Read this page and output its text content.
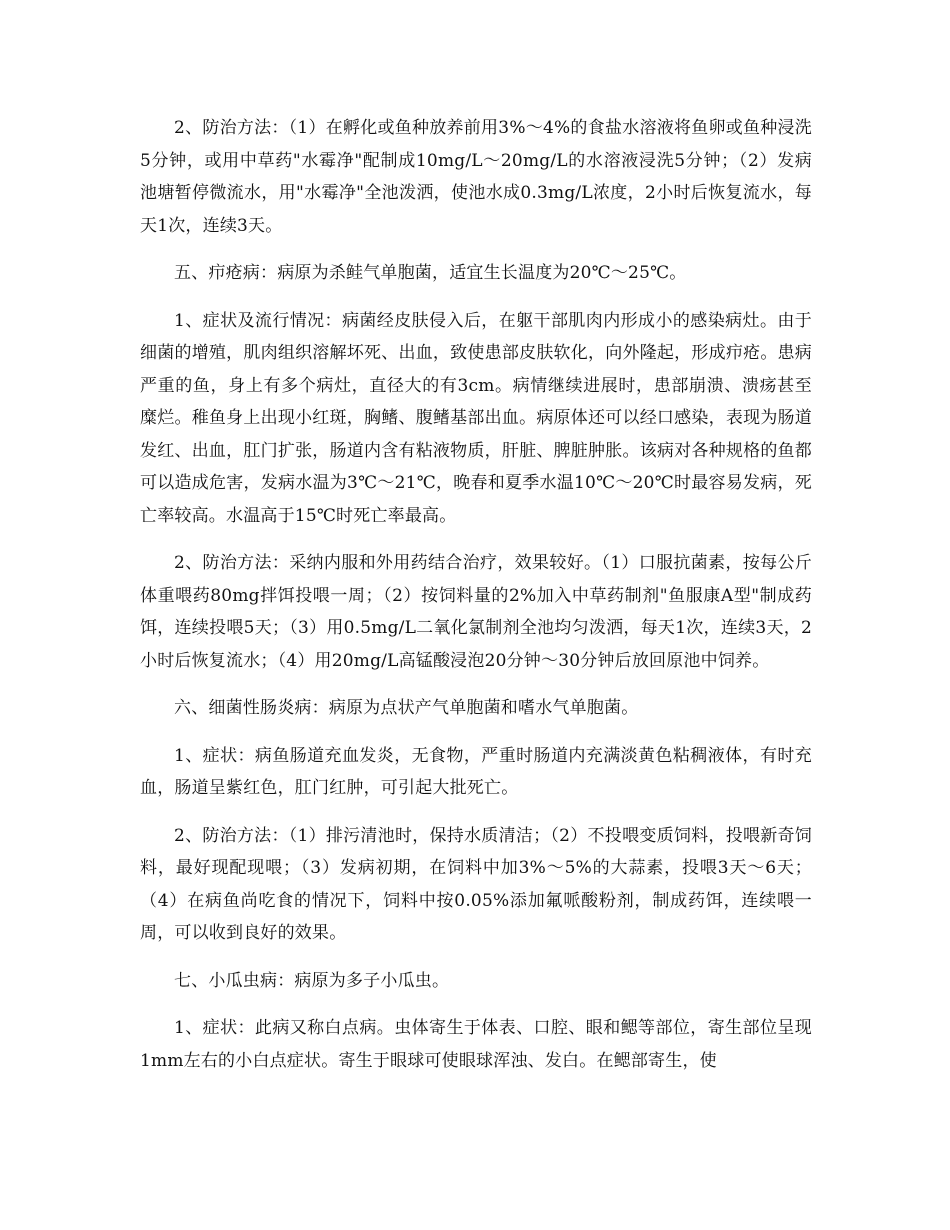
2、防治方法：（1）在孵化或鱼种放养前用3%～4%的食盐水溶液将鱼卵或鱼种浸洗5分钟，或用中草药"水霉净"配制成10mg/L～20mg/L的水溶液浸洗5分钟；（2）发病池塘暂停微流水，用"水霉净"全池泼洒，使池水成0.3mg/L浓度，2小时后恢复流水，每天1次，连续3天。

五、疖疮病：病原为杀鲑气单胞菌，适宜生长温度为20℃～25℃。

1、症状及流行情况：病菌经皮肤侵入后，在躯干部肌肉内形成小的感染病灶。由于细菌的增殖，肌肉组织溶解坏死、出血，致使患部皮肤软化，向外隆起，形成疖疮。患病严重的鱼，身上有多个病灶，直径大的有3cm。病情继续进展时，患部崩溃、溃疡甚至糜烂。稚鱼身上出现小红斑，胸鳍、腹鳍基部出血。病原体还可以经口感染，表现为肠道发红、出血，肛门扩张，肠道内含有粘液物质，肝脏、脾脏肿胀。该病对各种规格的鱼都可以造成危害，发病水温为3℃～21℃，晚春和夏季水温10℃～20℃时最容易发病，死亡率较高。水温高于15℃时死亡率最高。

2、防治方法：采纳内服和外用药结合治疗，效果较好。（1）口服抗菌素，按每公斤体重喂药80mg拌饵投喂一周；（2）按饲料量的2%加入中草药制剂"鱼服康A型"制成药饵，连续投喂5天；（3）用0.5mg/L二氧化氯制剂全池均匀泼洒，每天1次，连续3天，2小时后恢复流水；（4）用20mg/L高锰酸浸泡20分钟～30分钟后放回原池中饲养。

六、细菌性肠炎病：病原为点状产气单胞菌和嗜水气单胞菌。

1、症状：病鱼肠道充血发炎，无食物，严重时肠道内充满淡黄色粘稠液体，有时充血，肠道呈紫红色，肛门红肿，可引起大批死亡。

2、防治方法：（1）排污清池时，保持水质清洁；（2）不投喂变质饲料，投喂新奇饲料，最好现配现喂；（3）发病初期，在饲料中加3%～5%的大蒜素，投喂3天～6天；（4）在病鱼尚吃食的情况下，饲料中按0.05%添加氟哌酸粉剂，制成药饵，连续喂一周，可以收到良好的效果。

七、小瓜虫病：病原为多子小瓜虫。

1、症状：此病又称白点病。虫体寄生于体表、口腔、眼和鳃等部位，寄生部位呈现1mm左右的小白点症状。寄生于眼球可使眼球浑浊、发白。在鳃部寄生，使
